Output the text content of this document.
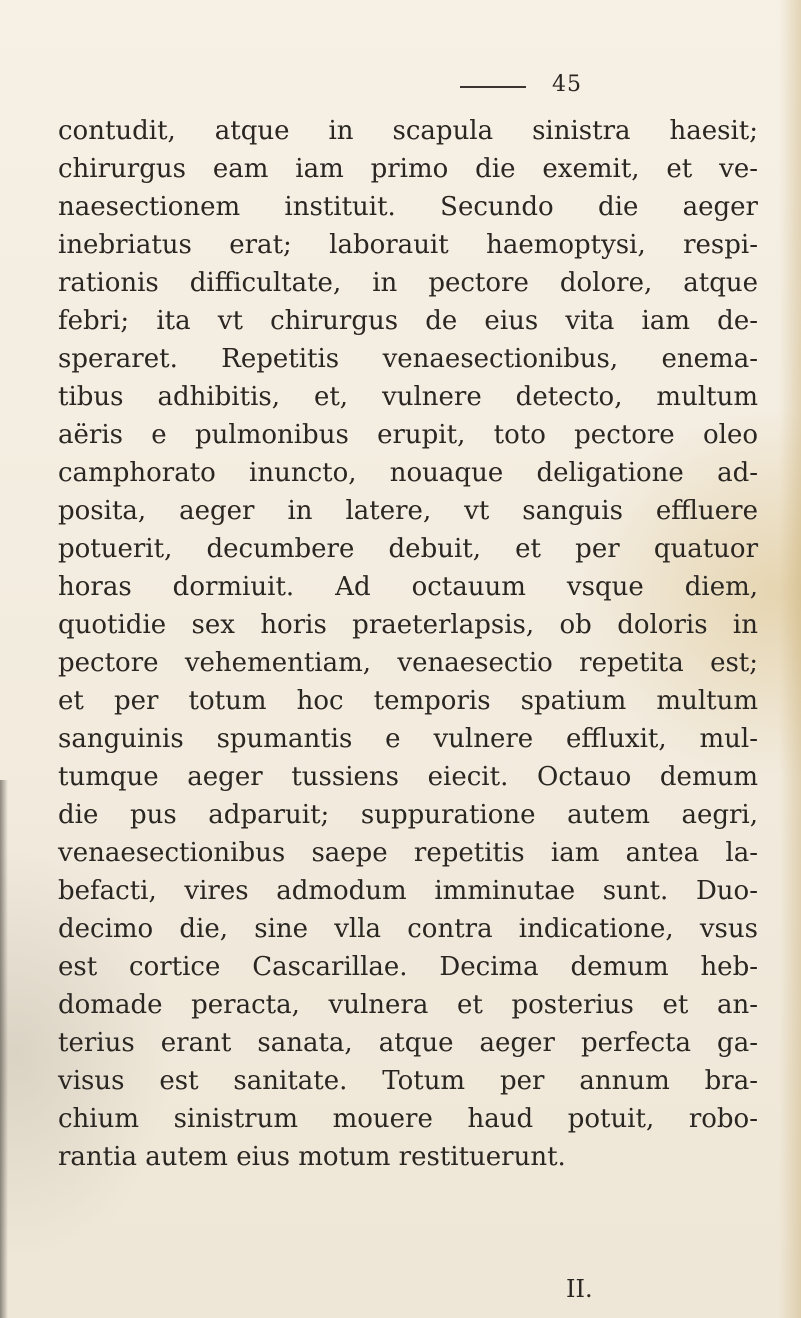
45
contudit, atque in scapula sinistra haesit;
chirurgus eam iam primo die exemit, et ve-
naesectionem instituit. Secundo die aeger
inebriatus erat; laborauit haemoptysi, respi-
rationis difficultate, in pectore dolore, atque
febri; ita vt chirurgus de eius vita iam de-
speraret. Repetitis venaesectionibus, enema-
tibus adhibitis, et, vulnere detecto, multum
aëris e pulmonibus erupit, toto pectore oleo
camphorato inuncto, nouaque deligatione ad-
posita, aeger in latere, vt sanguis effluere
potuerit, decumbere debuit, et per quatuor
horas dormiuit. Ad octauum vsque diem,
quotidie sex horis praeterlapsis, ob doloris in
pectore vehementiam, venaesectio repetita est;
et per totum hoc temporis spatium multum
sanguinis spumantis e vulnere effluxit, mul-
tumque aeger tussiens eiecit. Octauo demum
die pus adparuit; suppuratione autem aegri,
venaesectionibus saepe repetitis iam antea la-
befacti, vires admodum imminutae sunt. Duo-
decimo die, sine vlla contra indicatione, vsus
est cortice Cascarillae. Decima demum heb-
domade peracta, vulnera et posterius et an-
terius erant sanata, atque aeger perfecta ga-
visus est sanitate. Totum per annum bra-
chium sinistrum mouere haud potuit, robo-
rantia autem eius motum restituerunt.
II.
